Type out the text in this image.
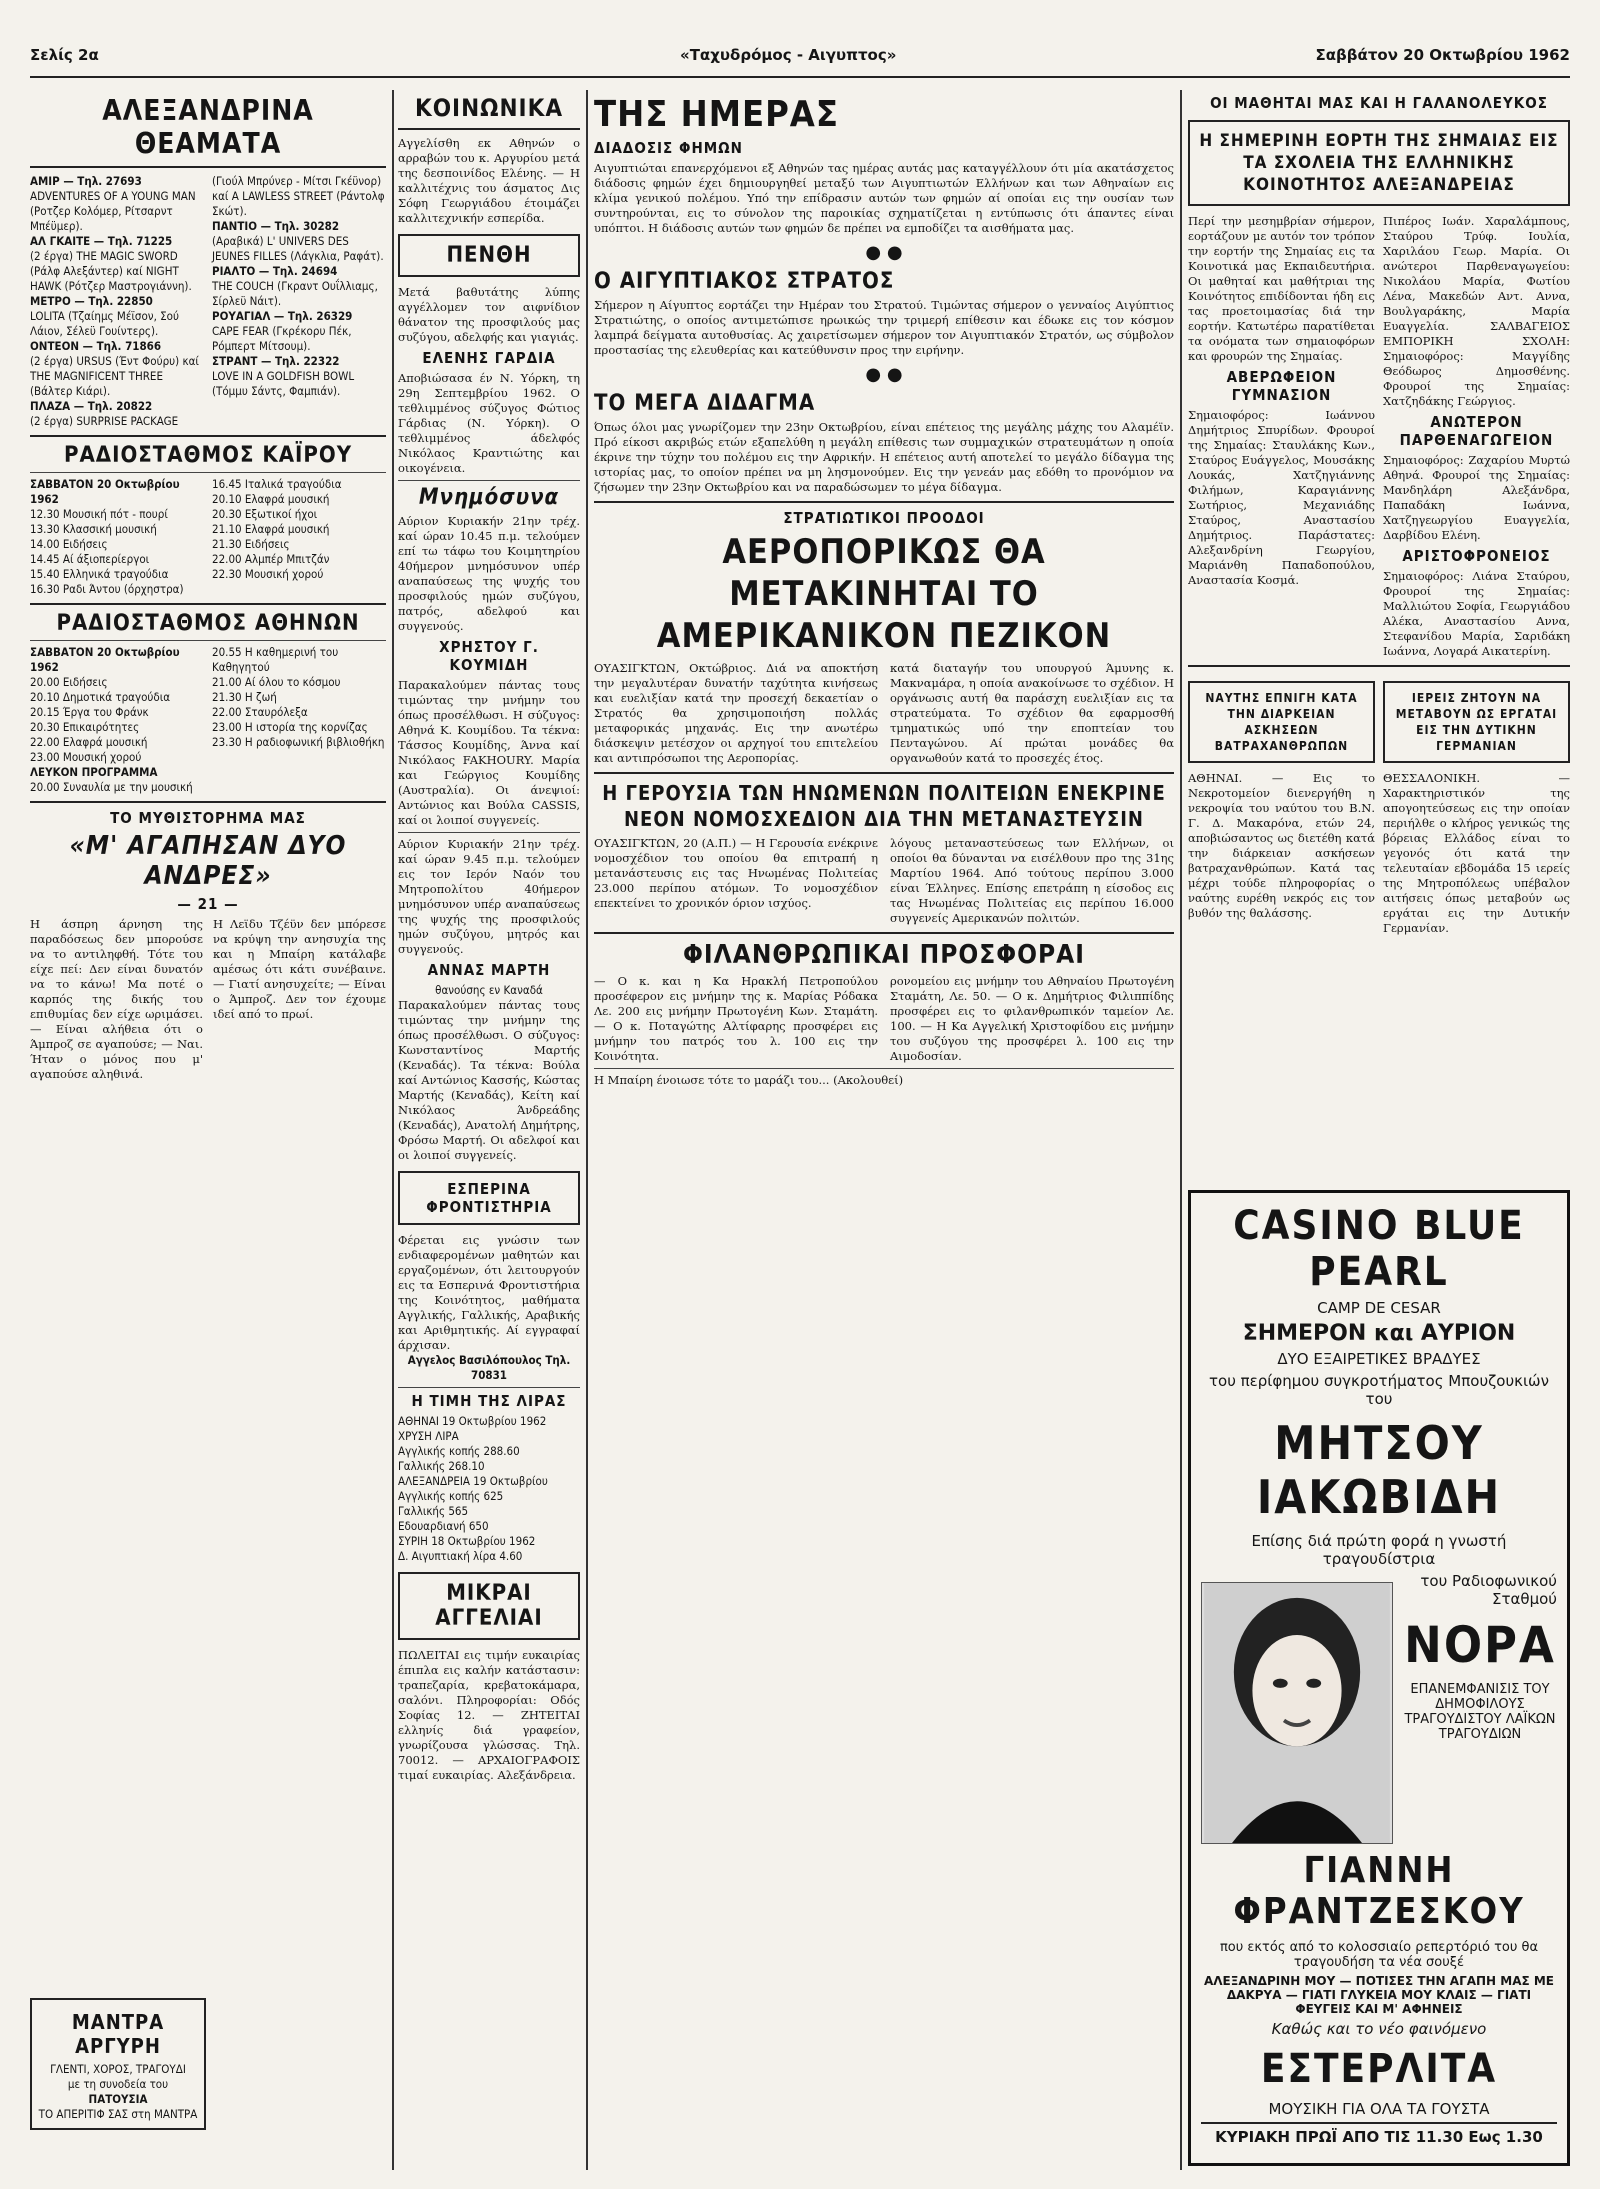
Σελίς 2α	«Ταχυδρόμος - Αιγυπτος»	Σαββάτον 20 Οκτωβρίου 1962
ΑΛΕΞΑΝΔΡΙΝΑ ΘΕΑΜΑΤΑ
ΑΜΙΡ — Τηλ. 27693
ADVENTURES OF A YOUNG MAN (Ροτζερ Κολόμερ, Ρίτσαρντ Μπέϋμερ).
ΑΛ ΓΚΑΙΤΕ — Τηλ. 71225
(2 έργα) THE MAGIC SWORD (Ράλφ Αλεξάντερ) καί NIGHT HAWK (Ρότζερ Μαστρογιάννη).
ΜΕΤΡΟ — Τηλ. 22850
LOLITA (Τζαίημς Μέϊσον, Σού Λάιον, Σέλεϋ Γουίντερς).
ΟΝΤΕΟΝ — Τηλ. 71866
(2 έργα) URSUS (Έντ Φούρυ) καί THE MAGNIFICENT THREE (Βάλτερ Κιάρι).
ΠΛΑΖΑ — Τηλ. 20822
(2 έργα) SURPRISE PACKAGE
(Γιούλ Μπρύνερ - Μίτσι Γκέϋνορ) καί A LAWLESS STREET (Ράντολφ Σκώτ).
ΠΑΝΤΙΟ — Τηλ. 30282
(Αραβικά) L' UNIVERS DES JEUNES FILLES (Λάγκλια, Ραφάτ).
ΡΙΑΛΤΟ — Τηλ. 24694
THE COUCH (Γκραντ Ουΐλλιαμς, Σίρλεϋ Νάιτ).
ΡΟΥΑΓΙΑΛ — Τηλ. 26329
CAPE FEAR (Γκρέκορυ Πέκ, Ρόμπερτ Μίτσουμ).
ΣΤΡΑΝΤ — Τηλ. 22322
LOVE IN A GOLDFISH BOWL (Τόμμυ Σάντς, Φαμπιάν).
ΡΑΔΙΟΣΤΑΘΜΟΣ ΚΑΪΡΟΥ
ΣΑΒΒΑΤΟΝ 20 Οκτωβρίου 1962
12.30 Μουσική πότ - πουρί
13.30 Κλασσική μουσική
14.00 Ειδήσεις
14.45 Αί άξιοπερίεργοι
15.40 Ελληνικά τραγούδια
16.30 Ραδι Άντου (όρχηστρα)
16.45 Ιταλικά τραγούδια
20.10 Ελαφρά μουσική
20.30 Εξωτικοί ήχοι
21.10 Ελαφρά μουσική
21.30 Ειδήσεις
22.00 Αλμπέρ Μπιτζάν
22.30 Μουσική χορού
ΡΑΔΙΟΣΤΑΘΜΟΣ ΑΘΗΝΩΝ
ΣΑΒΒΑΤΟΝ 20 Οκτωβρίου 1962
20.00 Ειδήσεις
20.10 Δημοτικά τραγούδια
20.15 Έργα του Φράνκ
20.30 Επικαιρότητες
22.00 Ελαφρά μουσική
23.00 Μουσική χορού
ΛΕΥΚΟΝ ΠΡΟΓΡΑΜΜΑ
20.00 Συναυλία με την μουσική
20.55 Η καθημερινή του Καθηγητού
21.00 Αί όλου το κόσμου
21.30 Η ζωή
22.00 Σταυρόλεξα
23.00 Η ιστορία της κορνίζας
23.30 Η ραδιοφωνική βιβλιοθήκη
ΤΟ ΜΥΘΙΣΤΟΡΗΜΑ ΜΑΣ
«Μ' ΑΓΑΠΗΣΑΝ ΔΥΟ ΑΝΔΡΕΣ»
— 21 —
Η άσπρη άρνηση της παραδόσεως δεν μπορούσε να το αντιληφθή. Τότε του είχε πεί: Δεν είναι δυνατόν να το κάνω! Μα ποτέ ο καρπός της δικής του επιθυμίας δεν είχε ωριμάσει. — Είναι αλήθεια ότι ο Άμπροζ σε αγαπούσε; — Ναι. Ήταν ο μόνος που μ' αγαπούσε αληθινά.
Η Λεϊδυ Τζέϋν δεν μπόρεσε να κρύψη την ανησυχία της και η Μπαίρη κατάλαβε αμέσως ότι κάτι συνέβαινε. — Γιατί ανησυχείτε; — Είναι ο Άμπροζ. Δεν τον έχουμε ιδεί από το πρωί.
ΜΑΝΤΡΑ ΑΡΓΥΡΗ
ΓΛΕΝΤΙ, ΧΟΡΟΣ, ΤΡΑΓΟΥΔΙ
με τη συνοδεία του
ΠΑΤΟΥΣΙΑ
ΤΟ ΑΠΕΡΙΤΙΦ ΣΑΣ στη ΜΑΝΤΡΑ
ΚΟΙΝΩΝΙΚΑ
Αγγελίσθη εκ Αθηνών ο αρραβών του κ. Αργυρίου μετά της δεσποινίδος Ελένης. — Η καλλιτέχνις του άσματος Δις Σόφη Γεωργιάδου έτοιμάζει καλλιτεχνικήν εσπερίδα.
ΠΕΝΘΗ
Μετά βαθυτάτης λύπης αγγέλλομεν τον αιφνίδιον θάνατον της προσφιλούς μας συζύγου, αδελφής και γιαγιάς.
ΕΛΕΝΗΣ ΓΑΡΔΙΑ
Αποβιώσασα έν Ν. Υόρκη, τη 29η Σεπτεμβρίου 1962. Ο τεθλιμμένος σύζυγος Φώτιος Γάρδιας (Ν. Υόρκη). Ο τεθλιμμένος άδελφός Νικόλαος Κραντιώτης και οικογένεια.
Μνημόσυνα
Αύριον Κυριακήν 21ην τρέχ. καί ώραν 10.45 π.μ. τελούμεν επί τω τάφω του Κοιμητηρίου 40ήμερον μνημόσυνον υπέρ αναπαύσεως της ψυχής του προσφιλούς ημών συζύγου, πατρός, αδελφού και συγγενούς.
ΧΡΗΣΤΟΥ Γ. ΚΟΥΜΙΔΗ
Παρακαλούμεν πάντας τους τιμώντας την μνήμην του όπως προσέλθωσι. Η σύζυγος: Αθηνά Κ. Κουμίδου. Τα τέκνα: Τάσσος Κουμίδης, Άννα καί Νικόλαος FAKHOURY. Μαρία και Γεώργιος Κουμίδης (Αυστραλία). Οι άνεψιοί: Αντώνιος και Βούλα CASSIS, καί οι λοιποί συγγενείς.
Αύριον Κυριακήν 21ην τρέχ. καί ώραν 9.45 π.μ. τελούμεν εις τον Ιερόν Ναόν του Μητροπολίτου 40ήμερον μνημόσυνον υπέρ αναπαύσεως της ψυχής της προσφιλούς ημών συζύγου, μητρός και συγγενούς.
ΑΝΝΑΣ ΜΑΡΤΗ
θανούσης εν Καναδά
Παρακαλούμεν πάντας τους τιμώντας την μνήμην της όπως προσέλθωσι. Ο σύζυγος: Κωνσταντίνος Μαρτής (Κεναδάς). Τα τέκνα: Βούλα καί Αντώνιος Κασσής, Κώστας Μαρτής (Κεναδάς), Κείτη καί Νικόλαος Άνδρεάδης (Κεναδάς), Ανατολή Δημήτρης, Φρόσω Μαρτή. Οι αδελφοί και οι λοιποί συγγενείς.
ΕΣΠΕΡΙΝΑ ΦΡΟΝΤΙΣΤΗΡΙΑ
Φέρεται εις γνώσιν των ενδιαφερομένων μαθητών και εργαζομένων, ότι λειτουργούν εις τα Εσπερινά Φροντιστήρια της Κοινότητος, μαθήματα Αγγλικής, Γαλλικής, Αραβικής και Αριθμητικής. Αί εγγραφαί άρχισαν.
Αγγελος Βασιλόπουλος Τηλ. 70831
Η ΤΙΜΗ ΤΗΣ ΛΙΡΑΣ
ΑΘΗΝΑΙ 19 Οκτωβρίου 1962
ΧΡΥΣΗ ΛΙΡΑ
Αγγλικής κοπής 288.60
Γαλλικής 268.10
ΑΛΕΞΑΝΔΡΕΙΑ 19 Οκτωβρίου
Αγγλικής κοπής 625
Γαλλικής 565
Εδουαρδιανή 650
ΣΥΡΙΗ 18 Οκτωβρίου 1962
Δ. Αιγυπτιακή λίρα 4.60
ΜΙΚΡΑΙ ΑΓΓΕΛΙΑΙ
ΠΩΛΕΙΤΑΙ εις τιμήν ευκαιρίας έπιπλα εις καλήν κατάστασιν: τραπεζαρία, κρεβατοκάμαρα, σαλόνι. Πληροφορίαι: Οδός Σοφίας 12. — ΖΗΤΕΙΤΑΙ ελληνίς διά γραφείον, γνωρίζουσα γλώσσας. Τηλ. 70012. — ΑΡΧΑΙΟΓΡΑΦΟΙΣ τιμαί ευκαιρίας. Αλεξάνδρεια.
ΤΗΣ ΗΜΕΡΑΣ
ΔΙΑΔΟΣΙΣ ΦΗΜΩΝ
Αιγυπτιώται επανερχόμενοι εξ Αθηνών τας ημέρας αυτάς μας καταγγέλλουν ότι μία ακατάσχετος διάδοσις φημών έχει δημιουργηθεί μεταξύ των Αιγυπτιωτών Ελλήνων και των Αθηναίων εις κλίμα γενικού πολέμου. Υπό την επίδρασιν αυτών των φημών αί οποίαι εις την ουσίαν των συντηρούνται, εις το σύνολον της παροικίας σχηματίζεται η εντύπωσις ότι άπαντες είναι υπόπτοι. Η διάδοσις αυτών των φημών δε πρέπει να εμποδίζει τα αισθήματα μας.
● ●
Ο ΑΙΓΥΠΤΙΑΚΟΣ ΣΤΡΑΤΟΣ
Σήμερον η Αίγυπτος εορτάζει την Ημέραν του Στρατού. Τιμώντας σήμερον ο γενναίος Αιγύπτιος Στρατιώτης, ο οποίος αντιμετώπισε ηρωικώς την τριμερή επίθεσιν και έδωκε εις τον κόσμον λαμπρά δείγματα αυτοθυσίας. Ας χαιρετίσωμεν σήμερον τον Αιγυπτιακόν Στρατόν, ως σύμβολον προστασίας της ελευθερίας και κατεύθυνσιν προς την ειρήνην.
● ●
ΤΟ ΜΕΓΑ ΔΙΔΑΓΜΑ
Όπως όλοι μας γνωρίζομεν την 23ην Οκτωβρίου, είναι επέτειος της μεγάλης μάχης του Αλαμέϊν. Πρό είκοσι ακριβώς ετών εξαπελύθη η μεγάλη επίθεσις των συμμαχικών στρατευμάτων η οποία έκρινε την τύχην του πολέμου εις την Αφρικήν. Η επέτειος αυτή αποτελεί το μεγάλο δίδαγμα της ιστορίας μας, το οποίον πρέπει να μη λησμονούμεν. Εις την γενεάν μας εδόθη το προνόμιον να ζήσωμεν την 23ην Οκτωβρίου και να παραδώσωμεν το μέγα δίδαγμα.
ΣΤΡΑΤΙΩΤΙΚΟΙ ΠΡΟΟΔΟΙ
ΑΕΡΟΠΟΡΙΚΩΣ ΘΑ ΜΕΤΑΚΙΝΗΤΑΙ ΤΟ ΑΜΕΡΙΚΑΝΙΚΟΝ ΠΕΖΙΚΟΝ
ΟΥΑΣΙΓΚΤΩΝ, Οκτώβριος. Διά να αποκτήση την μεγαλυτέραν δυνατήν ταχύτητα κινήσεως και ευελιξίαν κατά την προσεχή δεκαετίαν ο Στρατός θα χρησιμοποιήση πολλάς μεταφορικάς μηχανάς. Εις την ανωτέρω διάσκεψιν μετέσχον οι αρχηγοί του επιτελείου και αντιπρόσωποι της Αεροπορίας.
κατά διαταγήν του υπουργού Άμυνης κ. Μακναμάρα, η οποία ανακοίνωσε το σχέδιον. Η οργάνωσις αυτή θα παράσχη ευελιξίαν εις τα στρατεύματα. Το σχέδιον θα εφαρμοσθή τμηματικώς υπό την εποπτείαν του Πενταγώνου. Αί πρώται μονάδες θα οργανωθούν κατά το προσεχές έτος.
Η ΓΕΡΟΥΣΙΑ ΤΩΝ ΗΝΩΜΕΝΩΝ ΠΟΛΙΤΕΙΩΝ ΕΝΕΚΡΙΝΕ ΝΕΟΝ ΝΟΜΟΣΧΕΔΙΟΝ ΔΙΑ ΤΗΝ ΜΕΤΑΝΑΣΤΕΥΣΙΝ
ΟΥΑΣΙΓΚΤΩΝ, 20 (Α.Π.) — Η Γερουσία ενέκρινε νομοσχέδιον του οποίου θα επιτραπή η μετανάστευσις εις τας Ηνωμένας Πολιτείας 23.000 περίπου ατόμων. Το νομοσχέδιον επεκτείνει το χρονικόν όριον ισχύος.
λόγους μεταναστεύσεως των Ελλήνων, οι οποίοι θα δύνανται να εισέλθουν προ της 31ης Μαρτίου 1964. Από τούτους περίπου 3.000 είναι Έλληνες. Επίσης επετράπη η είσοδος εις τας Ηνωμένας Πολιτείας εις περίπου 16.000 συγγενείς Αμερικανών πολιτών.
ΦΙΛΑΝΘΡΩΠΙΚΑΙ ΠΡΟΣΦΟΡΑΙ
— Ο κ. και η Κα Ηρακλή Πετροπούλου προσέφερον εις μνήμην της κ. Μαρίας Ρόδακα Λε. 200 εις μνήμην Πρωτογένη Κων. Σταμάτη. — Ο κ. Ποταγώτης Αλτίφαρης προσφέρει εις μνήμην του πατρός του λ. 100 εις την Κοινότητα.
ρονομείου εις μνήμην του Αθηναίου Πρωτογένη Σταμάτη, Λε. 50. — Ο κ. Δημήτριος Φιλιππίδης προσφέρει εις το φιλανθρωπικόν ταμείον Λε. 100. — Η Κα Αγγελική Χριστοφίδου εις μνήμην του συζύγου της προσφέρει λ. 100 εις την Αιμοδοσίαν.
Η Μπαίρη ένοιωσε τότε το μαράζι του... (Ακολουθεί)
ΟΙ ΜΑΘΗΤΑΙ ΜΑΣ ΚΑΙ Η ΓΑΛΑΝΟΛΕΥΚΟΣ
Η ΣΗΜΕΡΙΝΗ ΕΟΡΤΗ ΤΗΣ ΣΗΜΑΙΑΣ ΕΙΣ ΤΑ ΣΧΟΛΕΙΑ ΤΗΣ ΕΛΛΗΝΙΚΗΣ ΚΟΙΝΟΤΗΤΟΣ ΑΛΕΞΑΝΔΡΕΙΑΣ
Περί την μεσημβρίαν σήμερον, εορτάζουν με αυτόν τον τρόπον την εορτήν της Σημαίας εις τα Κοινοτικά μας Εκπαιδευτήρια. Οι μαθηταί και μαθήτριαι της Κοινότητος επιδίδονται ήδη εις τας προετοιμασίας διά την εορτήν. Κατωτέρω παρατίθεται τα ονόματα των σημαιοφόρων και φρουρών της Σημαίας.
ΑΒΕΡΩΦΕΙΟΝ ΓΥΜΝΑΣΙΟΝ
Σημαιοφόρος: Ιωάννου Δημήτριος Σπυρίδων. Φρουροί της Σημαίας: Σταυλάκης Κων., Σταύρος Ευάγγελος, Μουσάκης Λουκάς, Χατζηγιάννης Φιλήμων, Καραγιάννης Σωτήριος, Μεχανιάδης Σταύρος, Αναστασίου Δημήτριος. Παράστατες: Αλεξανδρίνη Γεωργίου, Μαριάνθη Παπαδοπούλου, Αναστασία Κοσμά.
Πιπέρος Ιωάν. Χαραλάμπους, Σταύρου Τρύφ. Ιουλία, Χαριλάου Γεωρ. Μαρία. Οι ανώτεροι Παρθεναγωγείου: Νικολάου Μαρία, Φωτίου Λένα, Μακεδών Αντ. Αννα, Βουλγαράκης, Μαρία Ευαγγελία. ΣΑΛΒΑΓΕΙΟΣ ΕΜΠΟΡΙΚΗ ΣΧΟΛΗ: Σημαιοφόρος: Μαγγίδης Θεόδωρος Δημοσθένης. Φρουροί της Σημαίας: Χατζηδάκης Γεώργιος.
ΑΝΩΤΕΡΟΝ ΠΑΡΘΕΝΑΓΩΓΕΙΟΝ
Σημαιοφόρος: Ζαχαρίου Μυρτώ Αθηνά. Φρουροί της Σημαίας: Μανδηλάρη Αλεξάνδρα, Παπαδάκη Ιωάννα, Χατζηγεωργίου Ευαγγελία, Δαρβίδου Ελένη.
ΑΡΙΣΤΟΦΡΟΝΕΙΟΣ
Σημαιοφόρος: Λιάνα Σταύρου, Φρουροί της Σημαίας: Μαλλιώτου Σοφία, Γεωργιάδου Αλέκα, Αναστασίου Αννα, Στεφανίδου Μαρία, Σαριδάκη Ιωάννα, Λογαρά Αικατερίνη.
ΝΑΥΤΗΣ ΕΠΝΙΓΗ ΚΑΤΑ ΤΗΝ ΔΙΑΡΚΕΙΑΝ ΑΣΚΗΣΕΩΝ ΒΑΤΡΑΧΑΝΘΡΩΠΩΝ
ΑΘΗΝΑΙ. — Εις το Νεκροτομείον διενεργήθη η νεκροψία του ναύτου του Β.Ν. Γ. Δ. Μακαρόνα, ετών 24, αποβιώσαντος ως διετέθη κατά την διάρκειαν ασκήσεων βατραχανθρώπων. Κατά τας μέχρι τούδε πληροφορίας ο ναύτης ευρέθη νεκρός εις τον βυθόν της θαλάσσης.
ΙΕΡΕΙΣ ΖΗΤΟΥΝ ΝΑ ΜΕΤΑΒΟΥΝ ΩΣ ΕΡΓΑΤΑΙ ΕΙΣ ΤΗΝ ΔΥΤΙΚΗΝ ΓΕΡΜΑΝΙΑΝ
ΘΕΣΣΑΛΟΝΙΚΗ. — Χαρακτηριστικόν της απογοητεύσεως εις την οποίαν περιήλθε ο κλήρος γενικώς της βόρειας Ελλάδος είναι το γεγονός ότι κατά την τελευταίαν εβδομάδα 15 ιερείς της Μητροπόλεως υπέβαλον αιτήσεις όπως μεταβούν ως εργάται εις την Δυτικήν Γερμανίαν.
CASINO BLUE PEARL
CAMP DE CESAR
ΣΗΜΕΡΟΝ και ΑΥΡΙΟΝ
ΔΥΟ ΕΞΑΙΡΕΤΙΚΕΣ ΒΡΑΔΥΕΣ
του περίφημου συγκροτήματος Μπουζουκιών του
ΜΗΤΣΟΥ ΙΑΚΩΒΙΔΗ
Επίσης διά πρώτη φορά η γνωστή τραγουδίστρια
του Ραδιοφωνικού Σταθμού
ΝΟΡΑ
ΕΠΑΝΕΜΦΑΝΙΣΙΣ ΤΟΥ ΔΗΜΟΦΙΛΟΥΣ ΤΡΑΓΟΥΔΙΣΤΟΥ ΛΑΪΚΩΝ ΤΡΑΓΟΥΔΙΩΝ
ΓΙΑΝΝΗ ΦΡΑΝΤΖΕΣΚΟΥ
που εκτός από το κολοσσιαίο ρεπερτόριό του θα τραγουδήση τα νέα σουξέ
ΑΛΕΞΑΝΔΡΙΝΗ ΜΟΥ — ΠΟΤΙΣΕΣ ΤΗΝ ΑΓΑΠΗ ΜΑΣ ΜΕ ΔΑΚΡΥΑ — ΓΙΑΤΙ ΓΛΥΚΕΙΑ ΜΟΥ ΚΛΑΙΣ — ΓΙΑΤΙ ΦΕΥΓΕΙΣ ΚΑΙ Μ' ΑΦΗΝΕΙΣ
Καθώς και το νέο φαινόμενο
ΕΣΤΕΡΛΙΤΑ
ΜΟΥΣΙΚΗ ΓΙΑ ΟΛΑ ΤΑ ΓΟΥΣΤΑ
ΚΥΡΙΑΚΗ ΠΡΩΪ ΑΠΟ ΤΙΣ 11.30 Εως 1.30
